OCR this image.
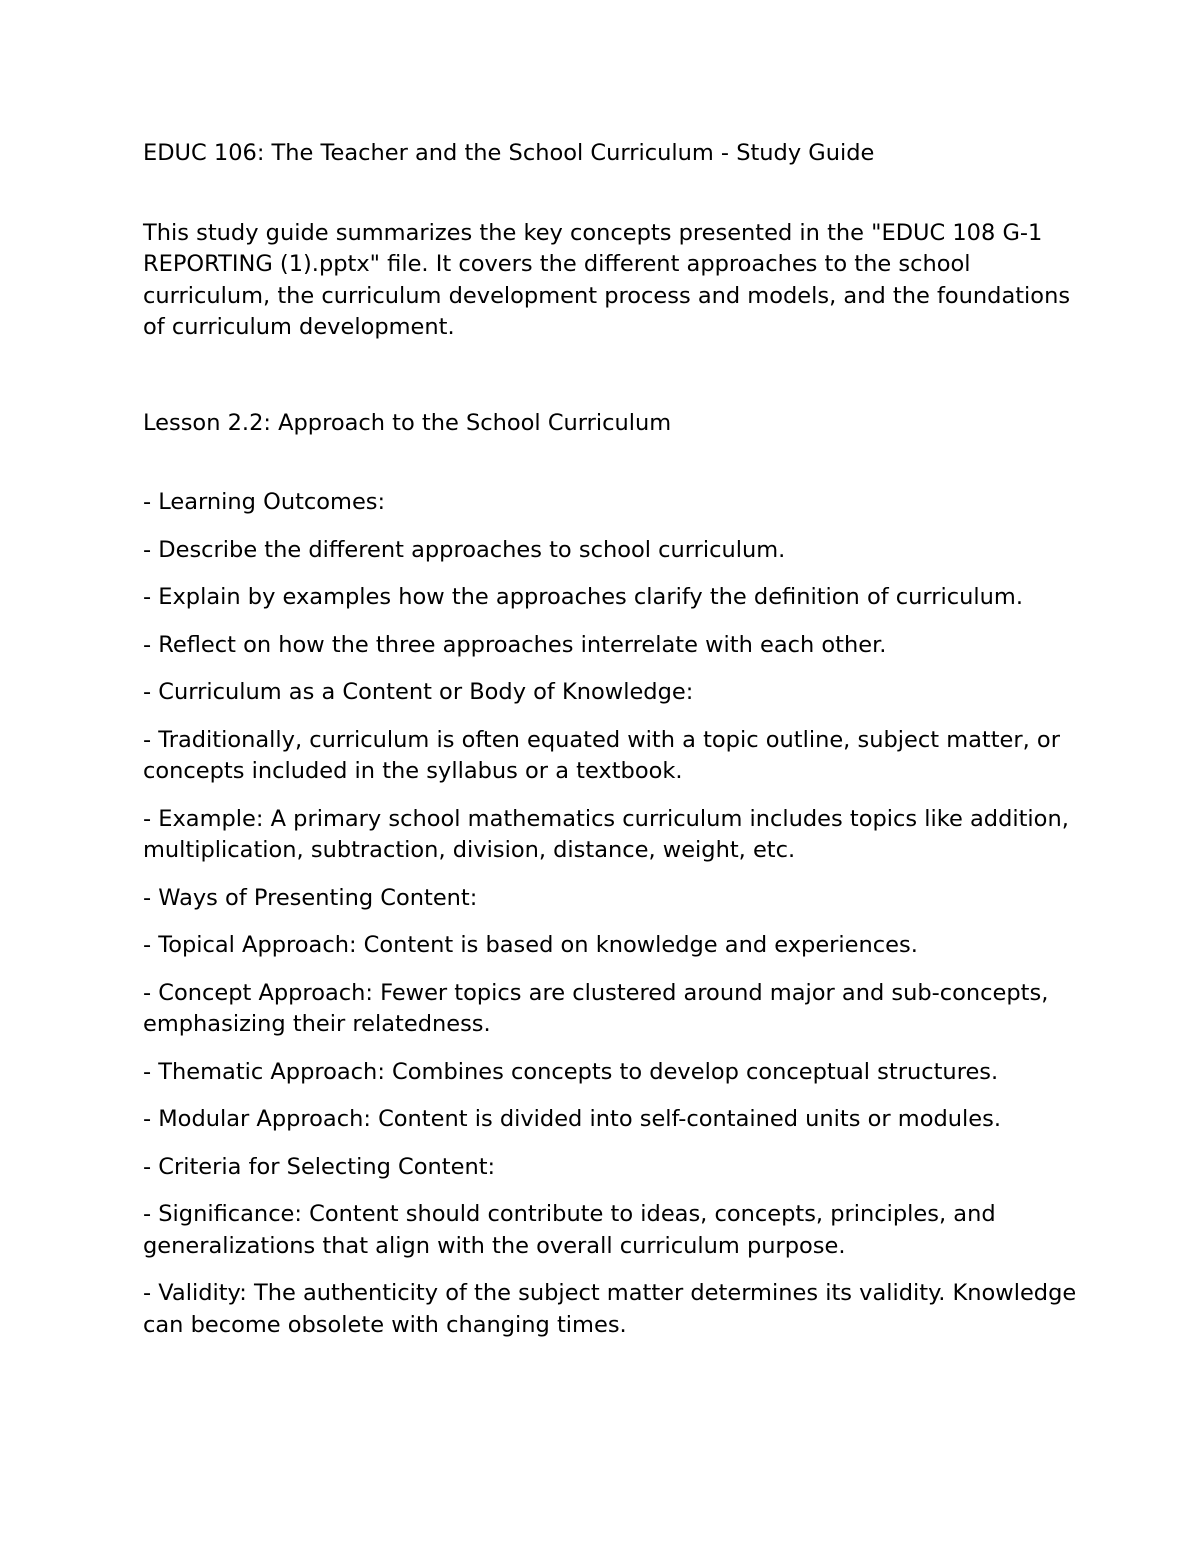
EDUC 106: The Teacher and the School Curriculum - Study Guide

This study guide summarizes the key concepts presented in the "EDUC 108 G-1 REPORTING (1).pptx" file. It covers the different approaches to the school curriculum, the curriculum development process and models, and the foundations of curriculum development.

Lesson 2.2: Approach to the School Curriculum
- Learning Outcomes:
- Describe the different approaches to school curriculum.
- Explain by examples how the approaches clarify the definition of curriculum.
- Reflect on how the three approaches interrelate with each other.
- Curriculum as a Content or Body of Knowledge:
- Traditionally, curriculum is often equated with a topic outline, subject matter, or concepts included in the syllabus or a textbook.
- Example: A primary school mathematics curriculum includes topics like addition, multiplication, subtraction, division, distance, weight, etc.
- Ways of Presenting Content:
- Topical Approach: Content is based on knowledge and experiences.
- Concept Approach: Fewer topics are clustered around major and sub-concepts, emphasizing their relatedness.
- Thematic Approach: Combines concepts to develop conceptual structures.
- Modular Approach: Content is divided into self-contained units or modules.
- Criteria for Selecting Content:
- Significance: Content should contribute to ideas, concepts, principles, and generalizations that align with the overall curriculum purpose.
- Validity: The authenticity of the subject matter determines its validity. Knowledge can become obsolete with changing times.
